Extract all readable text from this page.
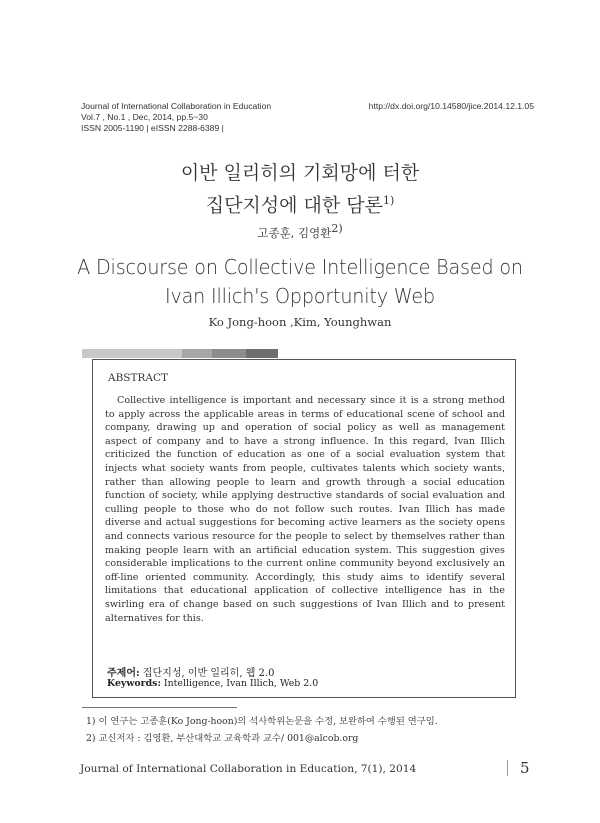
Journal of International Collaboration in Education
Vol.7 , No.1 , Dec, 2014, pp.5~30
ISSN 2005-1190 | eISSN 2288-6389 |
http://dx.doi.org/10.14580/jice.2014.12.1.05
이반 일리히의 기회망에 터한
집단지성에 대한 담론$^{1)}$
고종훈, 김영환$^{2)}$
A Discourse on Collective Intelligence Based on
Ivan Illich's Opportunity Web
Ko Jong-hoon ,Kim, Younghwan
ABSTRACT
Collective intelligence is important and necessary since it is a strong method to apply across the applicable areas in terms of educational scene of school and company, drawing up and operation of social policy as well as management aspect of company and to have a strong influence. In this regard, Ivan Illich criticized the function of education as one of a social evaluation system that injects what society wants from people, cultivates talents which society wants, rather than allowing people to learn and growth through a social education function of society, while applying destructive standards of social evaluation and culling people to those who do not follow such routes. Ivan Illich has made diverse and actual suggestions for becoming active learners as the society opens and connects various resource for the people to select by themselves rather than making people learn with an artificial education system. This suggestion gives considerable implications to the current online community beyond exclusively an off-line oriented community. Accordingly, this study aims to identify several limitations that educational application of collective intelligence has in the swirling era of change based on such suggestions of Ivan Illich and to present alternatives for this.
주제어: 집단지성, 이반 일리히, 웹 2.0
Keywords: Intelligence, Ivan Illich, Web 2.0
1) 이 연구는 고종훈(Ko Jong-hoon)의 석사학위논문을 수정, 보완하여 수행된 연구임.
2) 교신저자 : 김영환, 부산대학교 교육학과 교수/ 001@alcob.org
Journal of International Collaboration in Education, 7(1), 2014	5
